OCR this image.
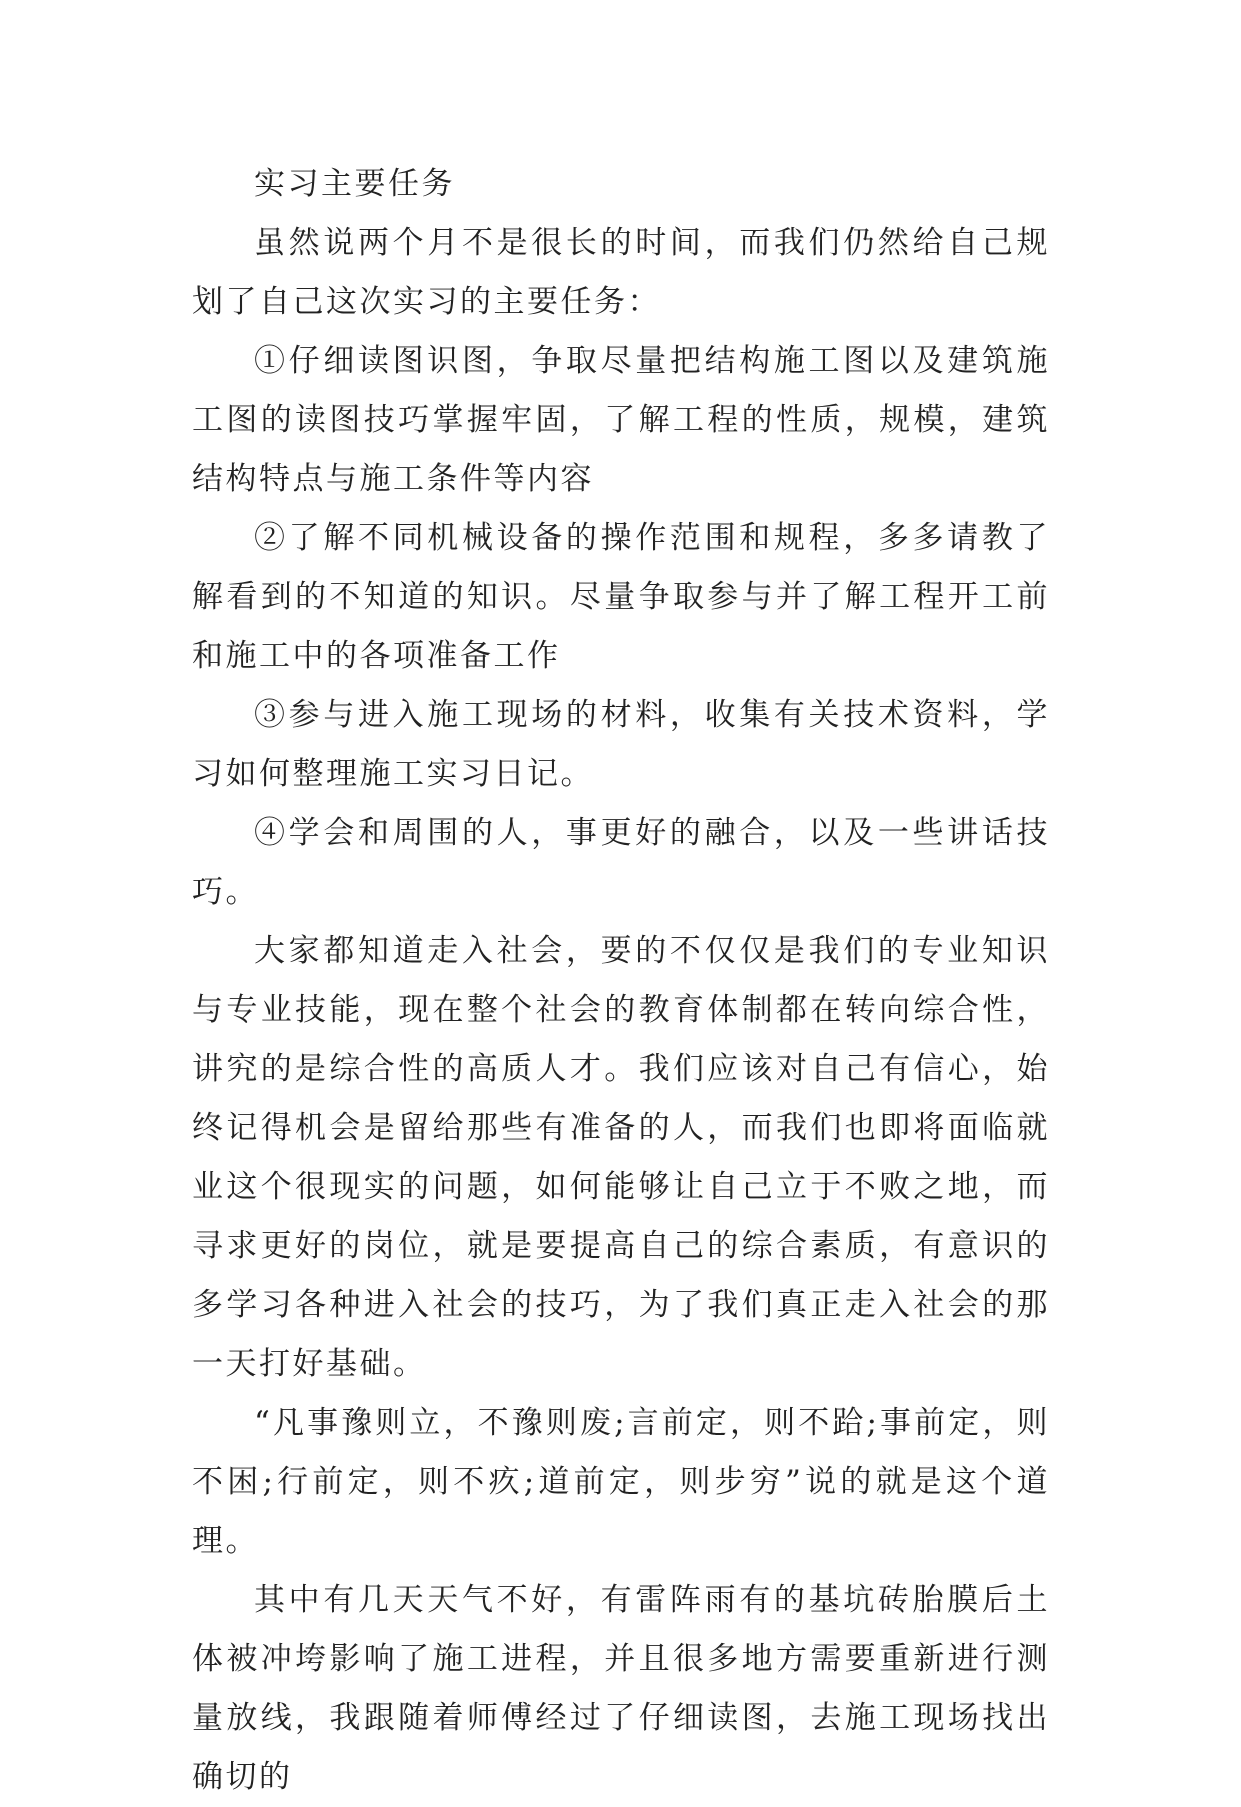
实习主要任务

虽然说两个月不是很长的时间，而我们仍然给自己规划了自己这次实习的主要任务：

①仔细读图识图，争取尽量把结构施工图以及建筑施工图的读图技巧掌握牢固，了解工程的性质，规模，建筑结构特点与施工条件等内容

②了解不同机械设备的操作范围和规程，多多请教了解看到的不知道的知识。尽量争取参与并了解工程开工前和施工中的各项准备工作

③参与进入施工现场的材料，收集有关技术资料，学习如何整理施工实习日记。

④学会和周围的人，事更好的融合，以及一些讲话技巧。

大家都知道走入社会，要的不仅仅是我们的专业知识与专业技能，现在整个社会的教育体制都在转向综合性，讲究的是综合性的高质人才。我们应该对自己有信心，始终记得机会是留给那些有准备的人，而我们也即将面临就业这个很现实的问题，如何能够让自己立于不败之地，而寻求更好的岗位，就是要提高自己的综合素质，有意识的多学习各种进入社会的技巧，为了我们真正走入社会的那一天打好基础。

“凡事豫则立，不豫则废;言前定，则不跲;事前定，则不困;行前定，则不疚;道前定，则步穷”说的就是这个道理。

其中有几天天气不好，有雷阵雨有的基坑砖胎膜后土体被冲垮影响了施工进程，并且很多地方需要重新进行测量放线，我跟随着师傅经过了仔细读图，去施工现场找出确切的
